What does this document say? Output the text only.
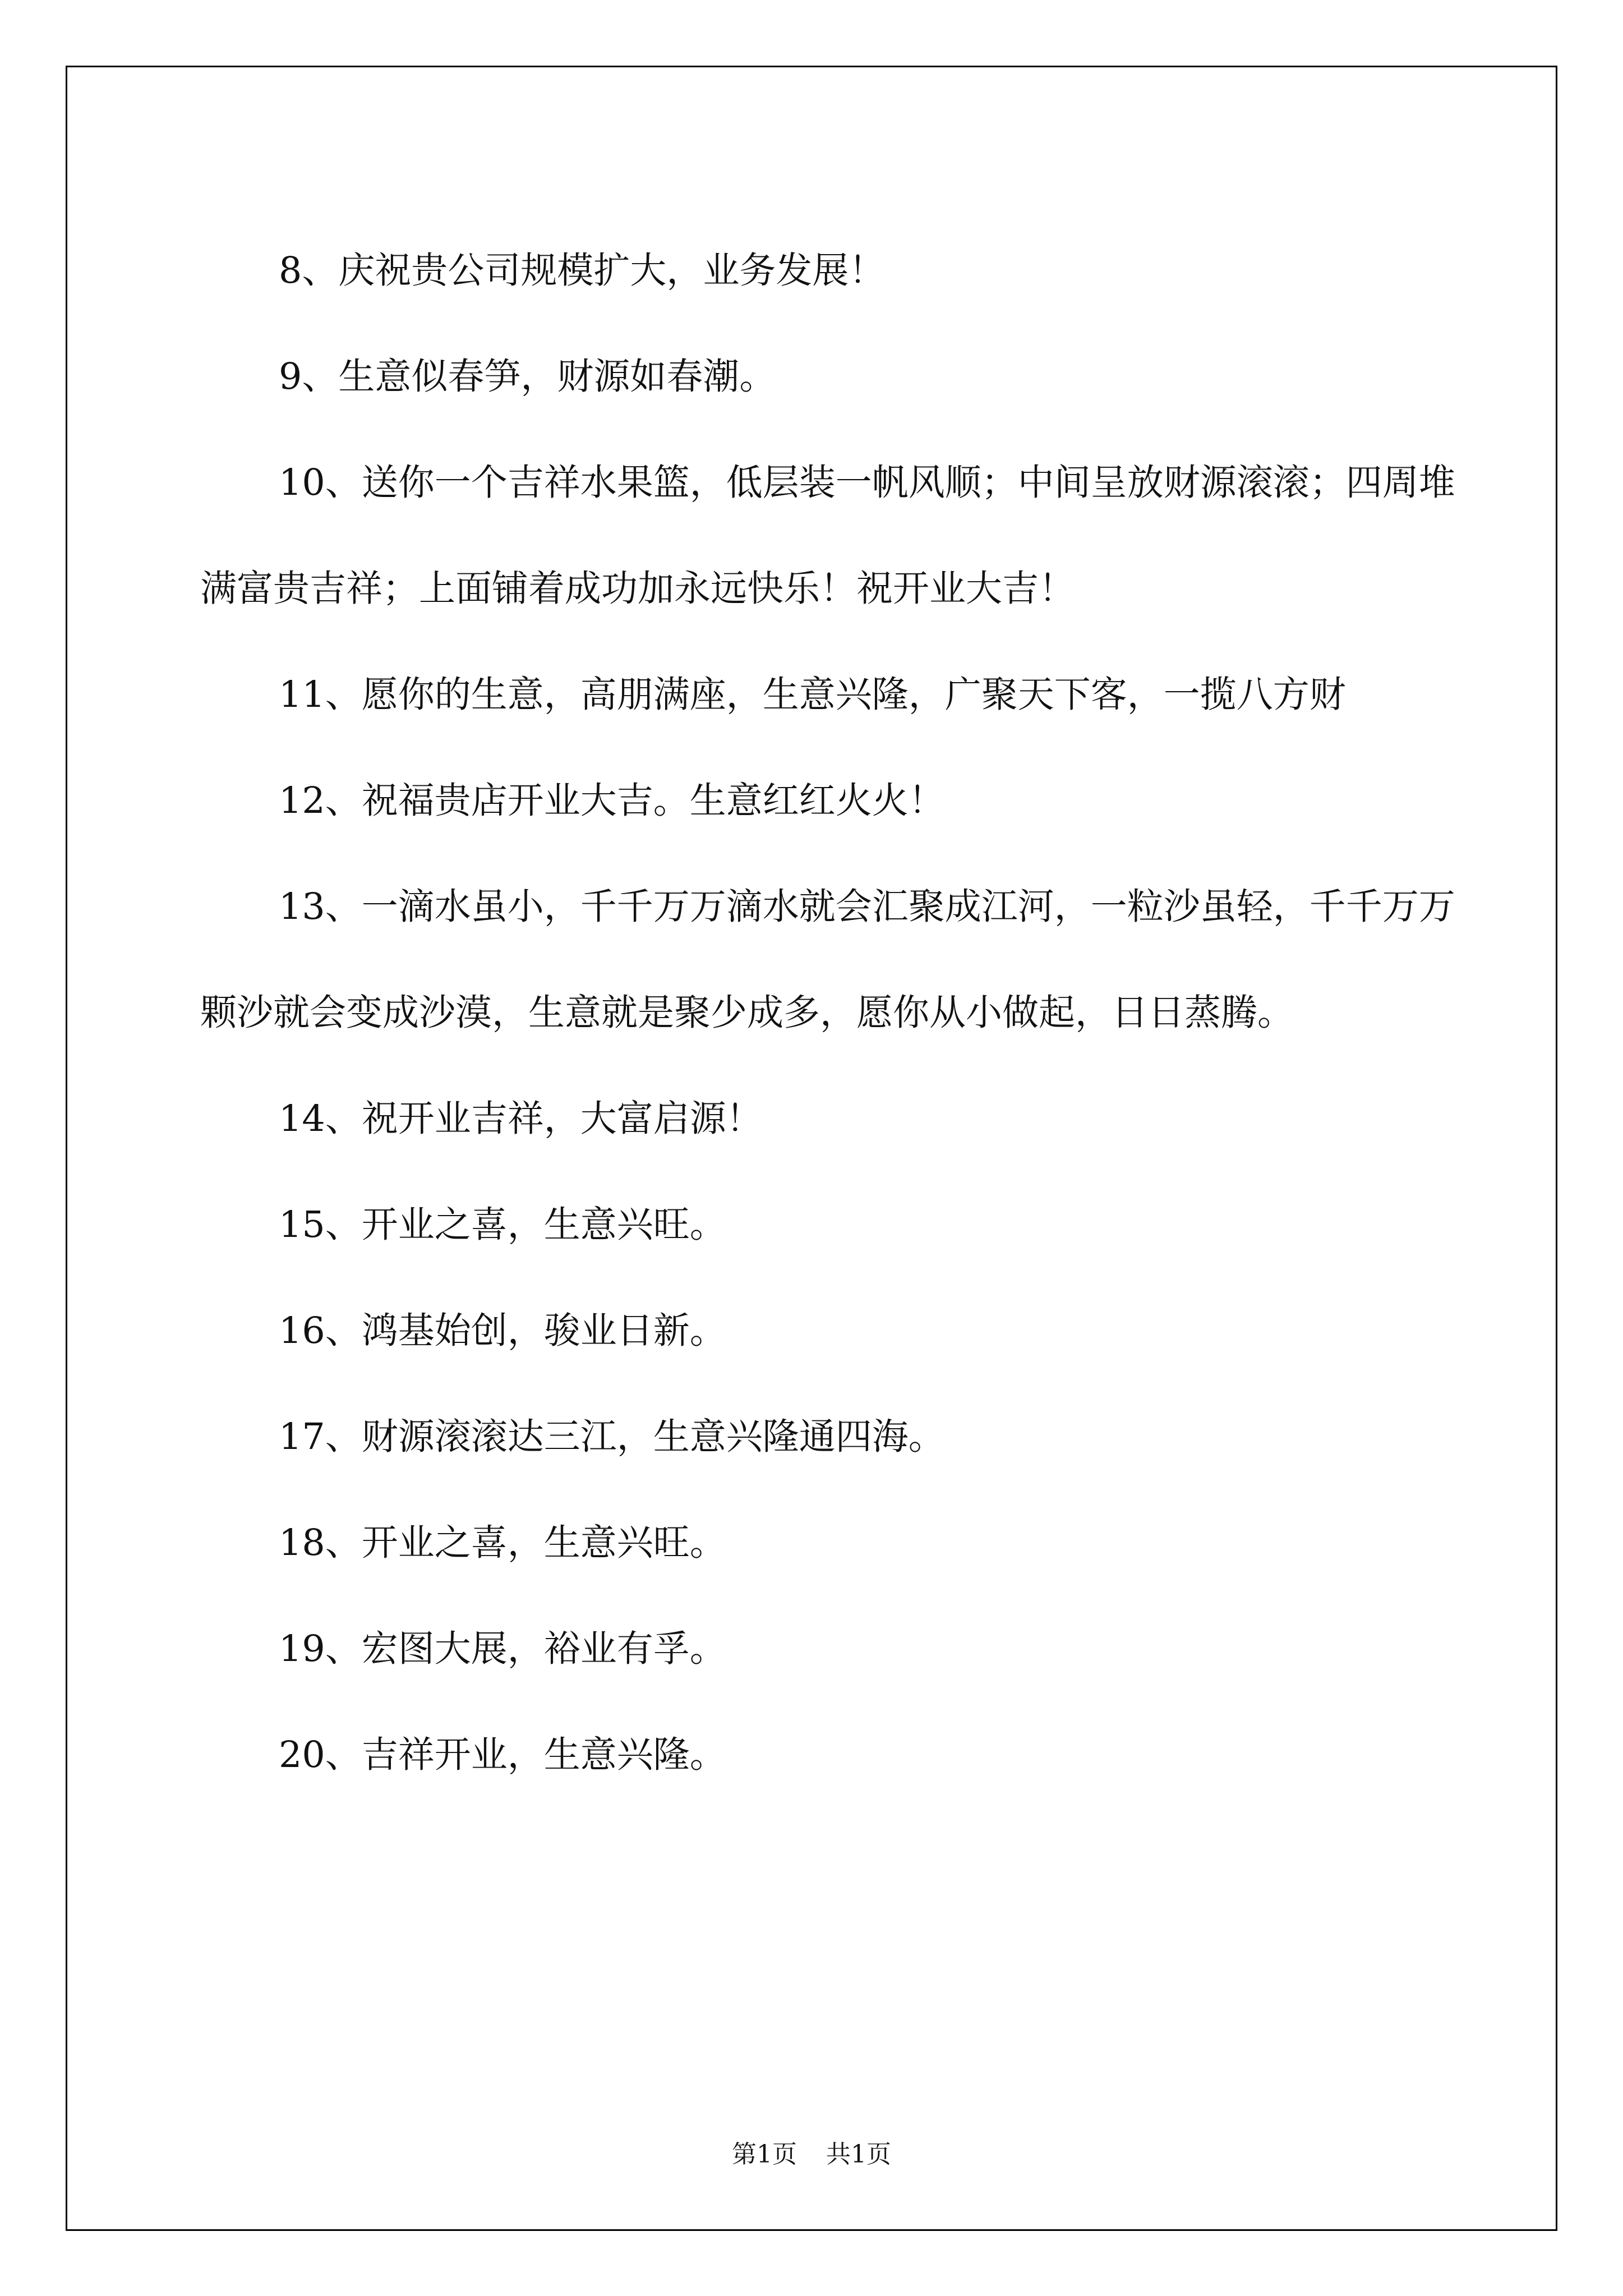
8、庆祝贵公司规模扩大，业务发展！

9、生意似春笋，财源如春潮。

10、送你一个吉祥水果篮，低层装一帆风顺；中间呈放财源滚滚；四周堆满富贵吉祥；上面铺着成功加永远快乐！祝开业大吉！

11、愿你的生意，高朋满座，生意兴隆，广聚天下客，一揽八方财

12、祝福贵店开业大吉。生意红红火火！

13、一滴水虽小，千千万万滴水就会汇聚成江河，一粒沙虽轻，千千万万颗沙就会变成沙漠，生意就是聚少成多，愿你从小做起，日日蒸腾。

14、祝开业吉祥，大富启源！

15、开业之喜，生意兴旺。

16、鸿基始创，骏业日新。

17、财源滚滚达三江，生意兴隆通四海。

18、开业之喜，生意兴旺。

19、宏图大展，裕业有孚。

20、吉祥开业，生意兴隆。

第1页 共1页
